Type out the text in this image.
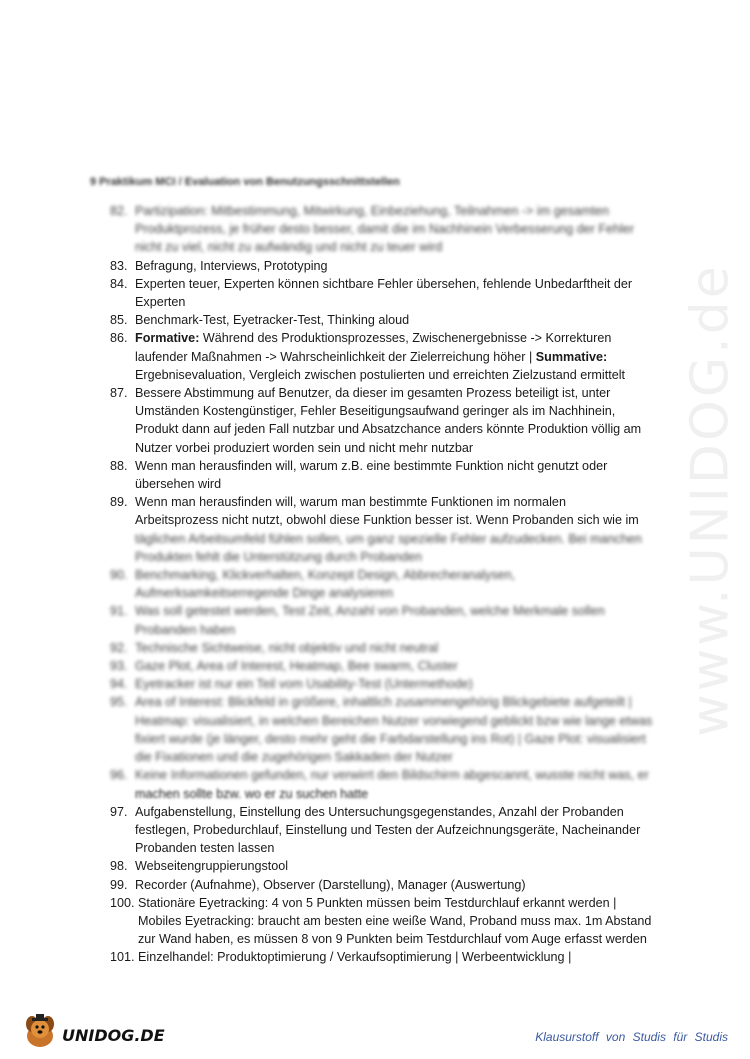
9 Praktikum MCI / Evaluation von Benutzungsschnittstellen
82. Partizipation: Mitbestimmung, Mitwirkung, Einbeziehung, Teilnahmen -> im gesamten
Produktprozess, je früher desto besser, damit die im Nachhinein Verbesserung der Fehler
nicht zu viel, nicht zu aufwändig und nicht zu teuer wird
83. Befragung, Interviews, Prototyping
84. Experten teuer, Experten können sichtbare Fehler übersehen, fehlende Unbedarftheit der
Experten
85. Benchmark-Test, Eyetracker-Test, Thinking aloud
86. Formative: Während des Produktionsprozesses, Zwischenergebnisse -> Korrekturen
laufender Maßnahmen -> Wahrscheinlichkeit der Zielerreichung höher | Summative:
Ergebnisevaluation, Vergleich zwischen postulierten und erreichten Zielzustand ermittelt
87. Bessere Abstimmung auf Benutzer, da dieser im gesamten Prozess beteiligt ist, unter
Umständen Kostengünstiger, Fehler Beseitigungsaufwand geringer als im Nachhinein,
Produkt dann auf jeden Fall nutzbar und Absatzchance anders könnte Produktion völlig am
Nutzer vorbei produziert worden sein und nicht mehr nutzbar
88. Wenn man herausfinden will, warum z.B. eine bestimmte Funktion nicht genutzt oder
übersehen wird
89. Wenn man herausfinden will, warum man bestimmte Funktionen im normalen
Arbeitsprozess nicht nutzt, obwohl diese Funktion besser ist. Wenn Probanden sich wie im
täglichen Arbeitsumfeld fühlen sollen, um ganz spezielle Fehler aufzudecken. Bei manchen
Produkten fehlt die Unterstützung durch Probanden
90. Benchmarking, Klickverhalten, Konzept Design, Abbrecheranalysen,
Aufmerksamkeitserregende Dinge analysieren
91. Was soll getestet werden, Test Zeit, Anzahl von Probanden, welche Merkmale sollen
Probanden haben
92. Technische Sichtweise, nicht objektiv und nicht neutral
93. Gaze Plot, Area of Interest, Heatmap, Bee swarm, Cluster
94. Eyetracker ist nur ein Teil vom Usability-Test (Untermethode)
95. Area of Interest: Blickfeld in größere, inhaltlich zusammengehörig Blickgebiete aufgeteilt |
Heatmap: visualisiert, in welchen Bereichen Nutzer vorwiegend geblickt bzw wie lange etwas
fixiert wurde (je länger, desto mehr geht die Farbdarstellung ins Rot) | Gaze Plot: visualisiert
die Fixationen und die zugehörigen Sakkaden der Nutzer
96. Keine Informationen gefunden, nur verwirrt den Bildschirm abgescannt, wusste nicht was, er
machen sollte bzw. wo er zu suchen hatte
97. Aufgabenstellung, Einstellung des Untersuchungsgegenstandes, Anzahl der Probanden
festlegen, Probedurchlauf, Einstellung und Testen der Aufzeichnungsgeräte, Nacheinander
Probanden testen lassen
98. Webseitengruppierungstool
99. Recorder (Aufnahme), Observer (Darstellung), Manager (Auswertung)
100. Stationäre Eyetracking: 4 von 5 Punkten müssen beim Testdurchlauf erkannt werden |
Mobiles Eyetracking: braucht am besten eine weiße Wand, Proband muss max. 1m Abstand
zur Wand haben, es müssen 8 von 9 Punkten beim Testdurchlauf vom Auge erfasst werden
101. Einzelhandel: Produktoptimierung / Verkaufsoptimierung | Werbeentwicklung |
www.UNIDOG.de
UNIDOG.DE	Klausurstoff von Studis für Studis
